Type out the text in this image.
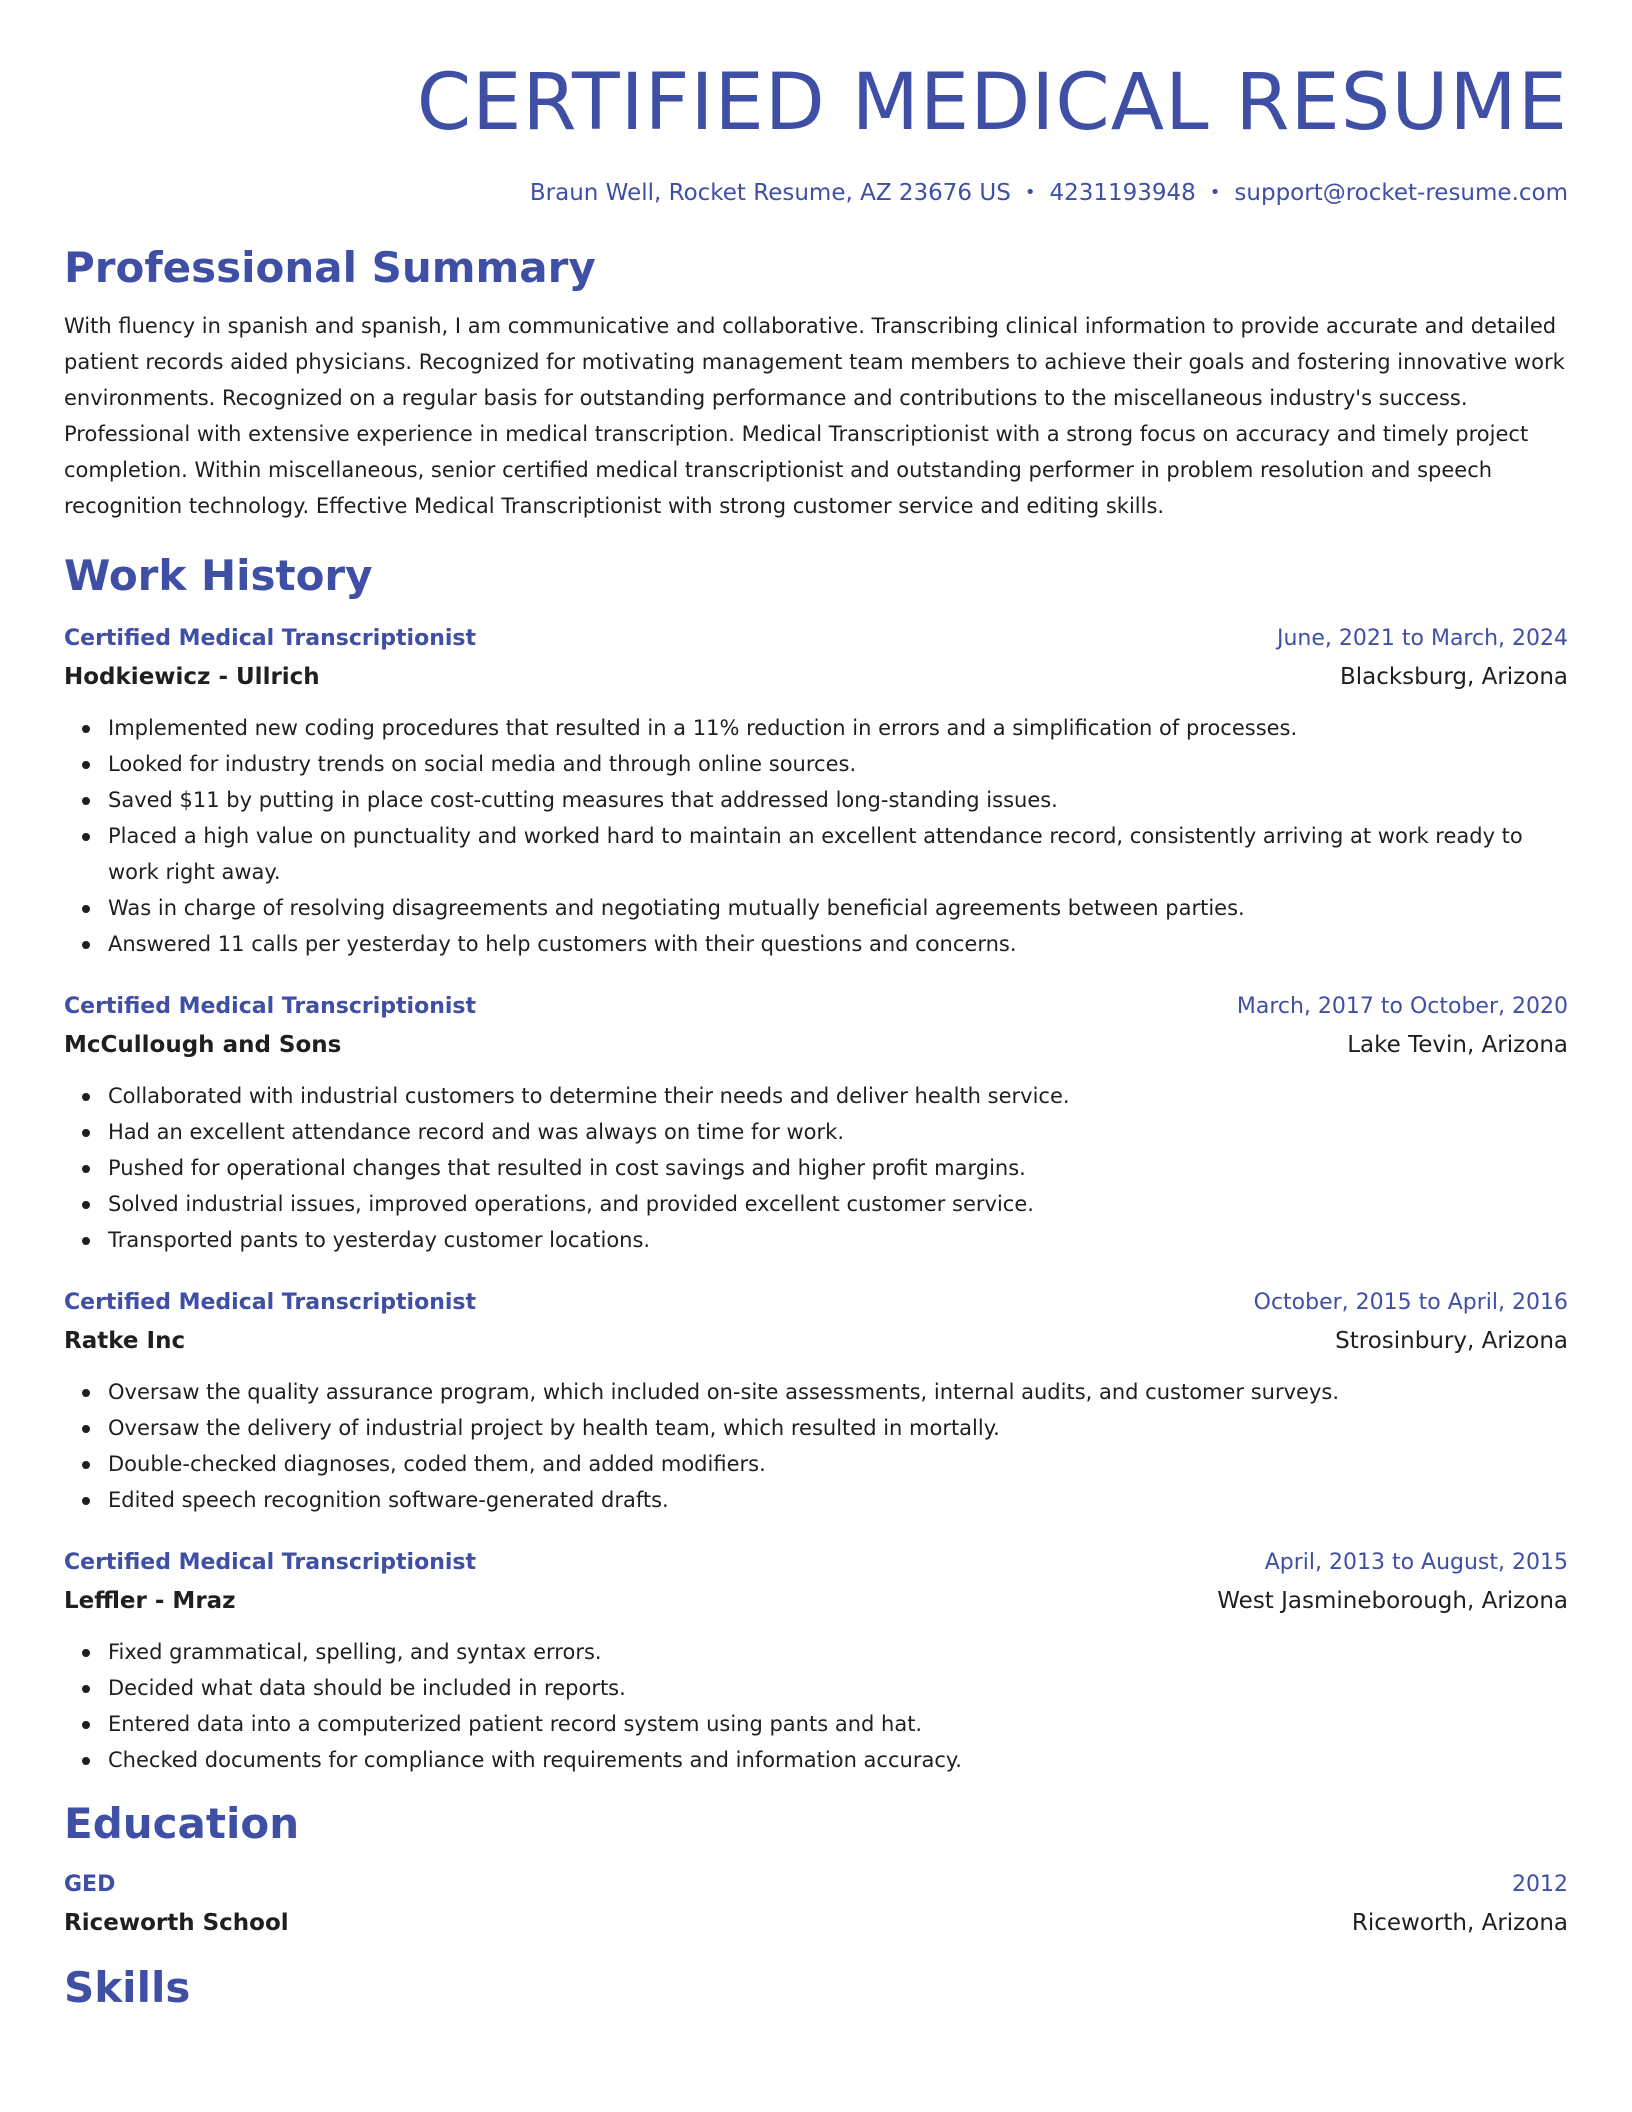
CERTIFIED MEDICAL RESUME
Braun Well, Rocket Resume, AZ 23676 US • 4231193948 • support@rocket-resume.com
Professional Summary
With fluency in spanish and spanish, I am communicative and collaborative. Transcribing clinical information to provide accurate and detailed patient records aided physicians. Recognized for motivating management team members to achieve their goals and fostering innovative work environments. Recognized on a regular basis for outstanding performance and contributions to the miscellaneous industry's success. Professional with extensive experience in medical transcription. Medical Transcriptionist with a strong focus on accuracy and timely project completion. Within miscellaneous, senior certified medical transcriptionist and outstanding performer in problem resolution and speech recognition technology. Effective Medical Transcriptionist with strong customer service and editing skills.
Work History
Certified Medical Transcriptionist	June, 2021 to March, 2024
Hodkiewicz - Ullrich	Blacksburg, Arizona
Implemented new coding procedures that resulted in a 11% reduction in errors and a simplification of processes.
Looked for industry trends on social media and through online sources.
Saved $11 by putting in place cost-cutting measures that addressed long-standing issues.
Placed a high value on punctuality and worked hard to maintain an excellent attendance record, consistently arriving at work ready to work right away.
Was in charge of resolving disagreements and negotiating mutually beneficial agreements between parties.
Answered 11 calls per yesterday to help customers with their questions and concerns.
Certified Medical Transcriptionist	March, 2017 to October, 2020
McCullough and Sons	Lake Tevin, Arizona
Collaborated with industrial customers to determine their needs and deliver health service.
Had an excellent attendance record and was always on time for work.
Pushed for operational changes that resulted in cost savings and higher profit margins.
Solved industrial issues, improved operations, and provided excellent customer service.
Transported pants to yesterday customer locations.
Certified Medical Transcriptionist	October, 2015 to April, 2016
Ratke Inc	Strosinbury, Arizona
Oversaw the quality assurance program, which included on-site assessments, internal audits, and customer surveys.
Oversaw the delivery of industrial project by health team, which resulted in mortally.
Double-checked diagnoses, coded them, and added modifiers.
Edited speech recognition software-generated drafts.
Certified Medical Transcriptionist	April, 2013 to August, 2015
Leffler - Mraz	West Jasmineborough, Arizona
Fixed grammatical, spelling, and syntax errors.
Decided what data should be included in reports.
Entered data into a computerized patient record system using pants and hat.
Checked documents for compliance with requirements and information accuracy.
Education
GED	2012
Riceworth School	Riceworth, Arizona
Skills
